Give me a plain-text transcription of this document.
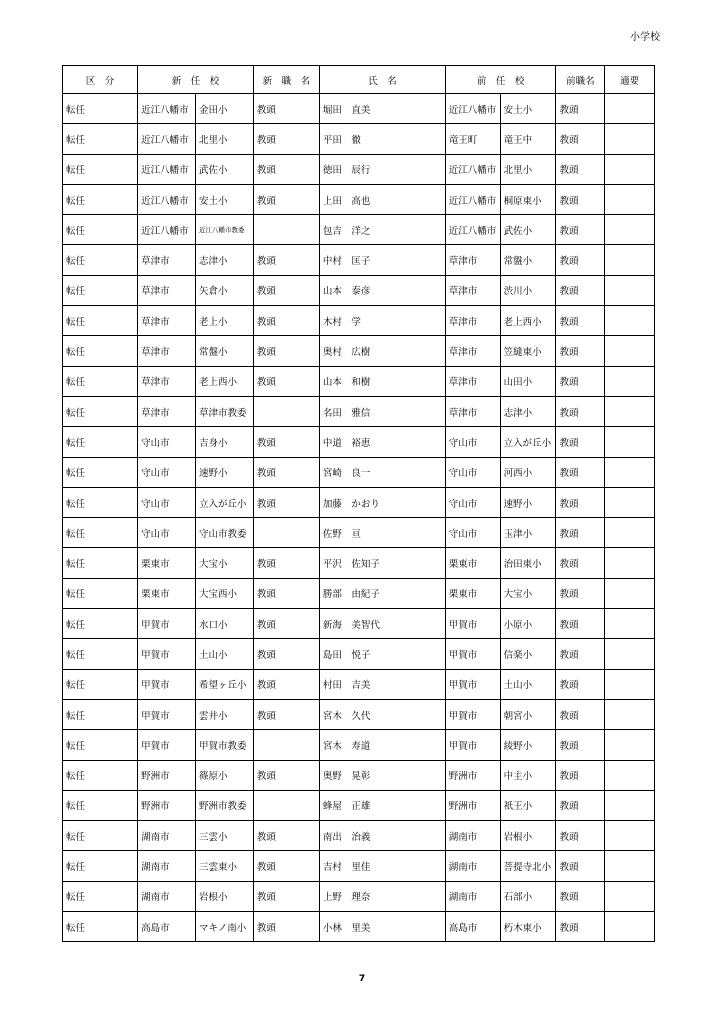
小学校
区　分	新　任　校		新　職　名	氏　名	前　任　校		前職名	適要
転任	近江八幡市	金田小	教頭	堀田　直美	近江八幡市	安土小	教頭	
転任	近江八幡市	北里小	教頭	平田　徹	竜王町	竜王中	教頭	
転任	近江八幡市	武佐小	教頭	徳田　辰行	近江八幡市	北里小	教頭	
転任	近江八幡市	安土小	教頭	上田　高也	近江八幡市	桐原東小	教頭	
転任	近江八幡市	近江八幡市教委		包吉　洋之	近江八幡市	武佐小	教頭	
転任	草津市	志津小	教頭	中村　匡子	草津市	常盤小	教頭	
転任	草津市	矢倉小	教頭	山本　泰彦	草津市	渋川小	教頭	
転任	草津市	老上小	教頭	木村　学	草津市	老上西小	教頭	
転任	草津市	常盤小	教頭	奥村　広樹	草津市	笠縫東小	教頭	
転任	草津市	老上西小	教頭	山本　和樹	草津市	山田小	教頭	
転任	草津市	草津市教委		名田　雅信	草津市	志津小	教頭	
転任	守山市	吉身小	教頭	中道　裕恵	守山市	立入が丘小	教頭	
転任	守山市	速野小	教頭	宮崎　良一	守山市	河西小	教頭	
転任	守山市	立入が丘小	教頭	加藤　かおり	守山市	速野小	教頭	
転任	守山市	守山市教委		佐野　亘	守山市	玉津小	教頭	
転任	栗東市	大宝小	教頭	平沢　佐知子	栗東市	治田東小	教頭	
転任	栗東市	大宝西小	教頭	勝部　由紀子	栗東市	大宝小	教頭	
転任	甲賀市	水口小	教頭	新海　美智代	甲賀市	小原小	教頭	
転任	甲賀市	土山小	教頭	島田　悦子	甲賀市	信楽小	教頭	
転任	甲賀市	希望ヶ丘小	教頭	村田　吉美	甲賀市	土山小	教頭	
転任	甲賀市	雲井小	教頭	宮木　久代	甲賀市	朝宮小	教頭	
転任	甲賀市	甲賀市教委		宮木　寿道	甲賀市	綾野小	教頭	
転任	野洲市	篠原小	教頭	奥野　晃彰	野洲市	中主小	教頭	
転任	野洲市	野洲市教委		蜂屋　正雄	野洲市	祇王小	教頭	
転任	湖南市	三雲小	教頭	南出　治義	湖南市	岩根小	教頭	
転任	湖南市	三雲東小	教頭	吉村　里佳	湖南市	菩提寺北小	教頭	
転任	湖南市	岩根小	教頭	上野　理奈	湖南市	石部小	教頭	
転任	高島市	マキノ南小	教頭	小林　里美	高島市	朽木東小	教頭	
7
